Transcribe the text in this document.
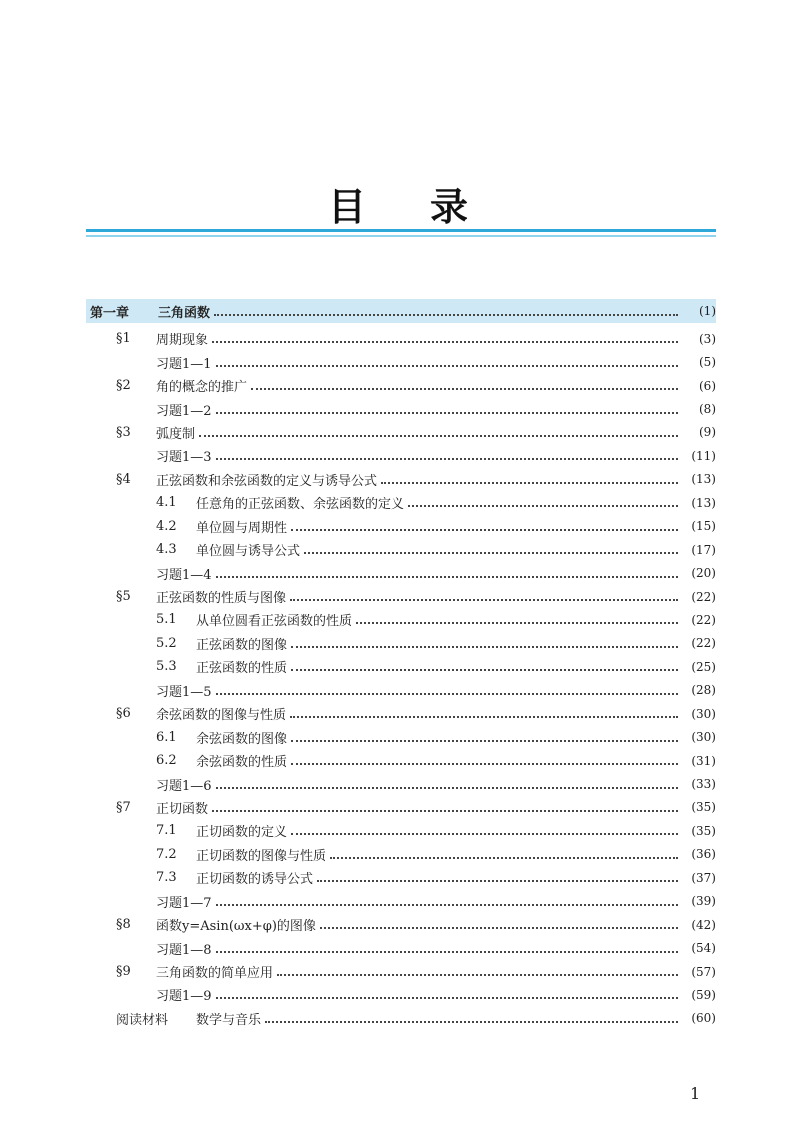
目 录
第一章	三角函数	(1)
§1	周期现象	(3)
习题1—1	(5)
§2	角的概念的推广	(6)
习题1—2	(8)
§3	弧度制	(9)
习题1—3	(11)
§4	正弦函数和余弦函数的定义与诱导公式	(13)
4.1	任意角的正弦函数、余弦函数的定义	(13)
4.2	单位圆与周期性	(15)
4.3	单位圆与诱导公式	(17)
习题1—4	(20)
§5	正弦函数的性质与图像	(22)
5.1	从单位圆看正弦函数的性质	(22)
5.2	正弦函数的图像	(22)
5.3	正弦函数的性质	(25)
习题1—5	(28)
§6	余弦函数的图像与性质	(30)
6.1	余弦函数的图像	(30)
6.2	余弦函数的性质	(31)
习题1—6	(33)
§7	正切函数	(35)
7.1	正切函数的定义	(35)
7.2	正切函数的图像与性质	(36)
7.3	正切函数的诱导公式	(37)
习题1—7	(39)
§8	函数y=Asin(ωx+φ)的图像	(42)
习题1—8	(54)
§9	三角函数的简单应用	(57)
习题1—9	(59)
阅读材料	数学与音乐	(60)
1
